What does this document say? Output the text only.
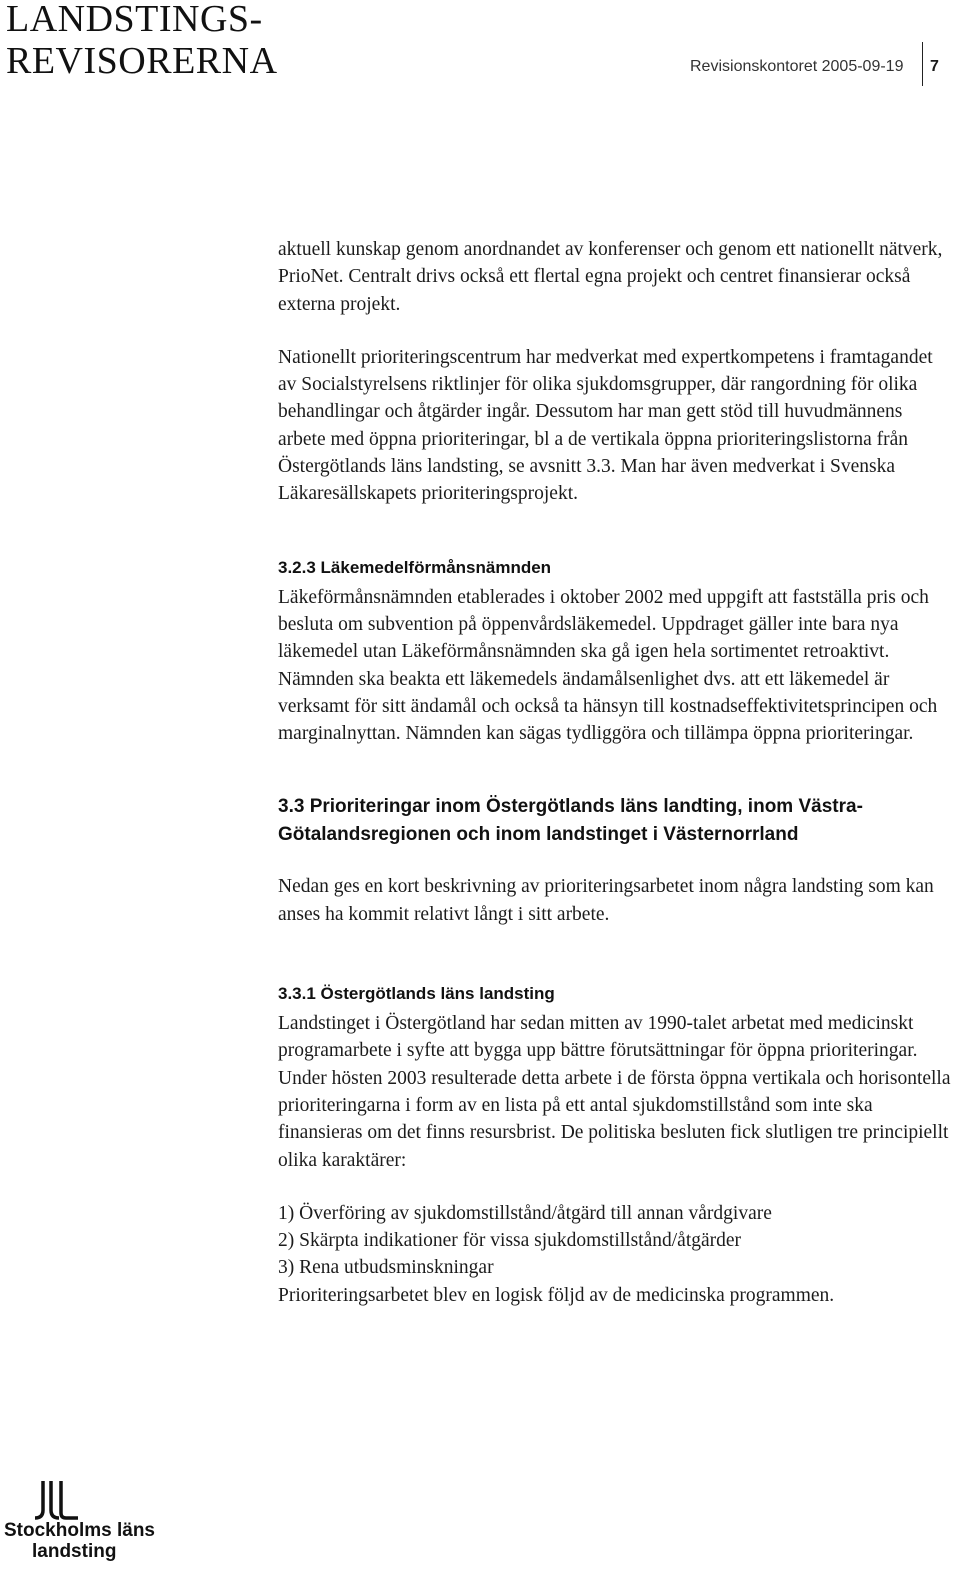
LANDSTINGS-
REVISORERNA	Revisionskontoret 2005-09-19	7

aktuell kunskap genom anordnandet av konferenser och genom ett nationellt nätverk, PrioNet. Centralt drivs också ett flertal egna projekt och centret finansierar också externa projekt.

Nationellt prioriteringscentrum har medverkat med expertkompetens i framtagandet av Socialstyrelsens riktlinjer för olika sjukdomsgrupper, där rangordning för olika behandlingar och åtgärder ingår. Dessutom har man gett stöd till huvudmännens arbete med öppna prioriteringar, bl a de vertikala öppna prioriteringslistorna från Östergötlands läns landsting, se avsnitt 3.3. Man har även medverkat i Svenska Läkaresällskapets prioriteringsprojekt.

3.2.3 Läkemedelförmånsnämnden

Läkeförmånsnämnden etablerades i oktober 2002 med uppgift att fastställa pris och besluta om subvention på öppenvårdsläkemedel. Uppdraget gäller inte bara nya läkemedel utan Läkeförmånsnämnden ska gå igen hela sortimentet retroaktivt. Nämnden ska beakta ett läkemedels ändamålsenlighet dvs. att ett läkemedel är verksamt för sitt ändamål och också ta hänsyn till kostnadseffektivitetsprincipen och marginalnyttan. Nämnden kan sägas tydliggöra och tillämpa öppna prioriteringar.

3.3 Prioriteringar inom Östergötlands läns landting, inom Västra-Götalandsregionen och inom landstinget i Västernorrland

Nedan ges en kort beskrivning av prioriteringsarbetet inom några landsting som kan anses ha kommit relativt långt i sitt arbete.

3.3.1 Östergötlands läns landsting

Landstinget i Östergötland har sedan mitten av 1990-talet arbetat med medicinskt programarbete i syfte att bygga upp bättre förutsättningar för öppna prioriteringar. Under hösten 2003 resulterade detta arbete i de första öppna vertikala och horisontella prioriteringarna i form av en lista på ett antal sjukdomstillstånd som inte ska finansieras om det finns resursbrist. De politiska besluten fick slutligen tre principiellt olika karaktärer:

1) Överföring av sjukdomstillstånd/åtgärd till annan vårdgivare
2) Skärpta indikationer för vissa sjukdomstillstånd/åtgärder
3) Rena utbudsminskningar
Prioriteringsarbetet blev en logisk följd av de medicinska programmen.

Stockholms läns
landsting
